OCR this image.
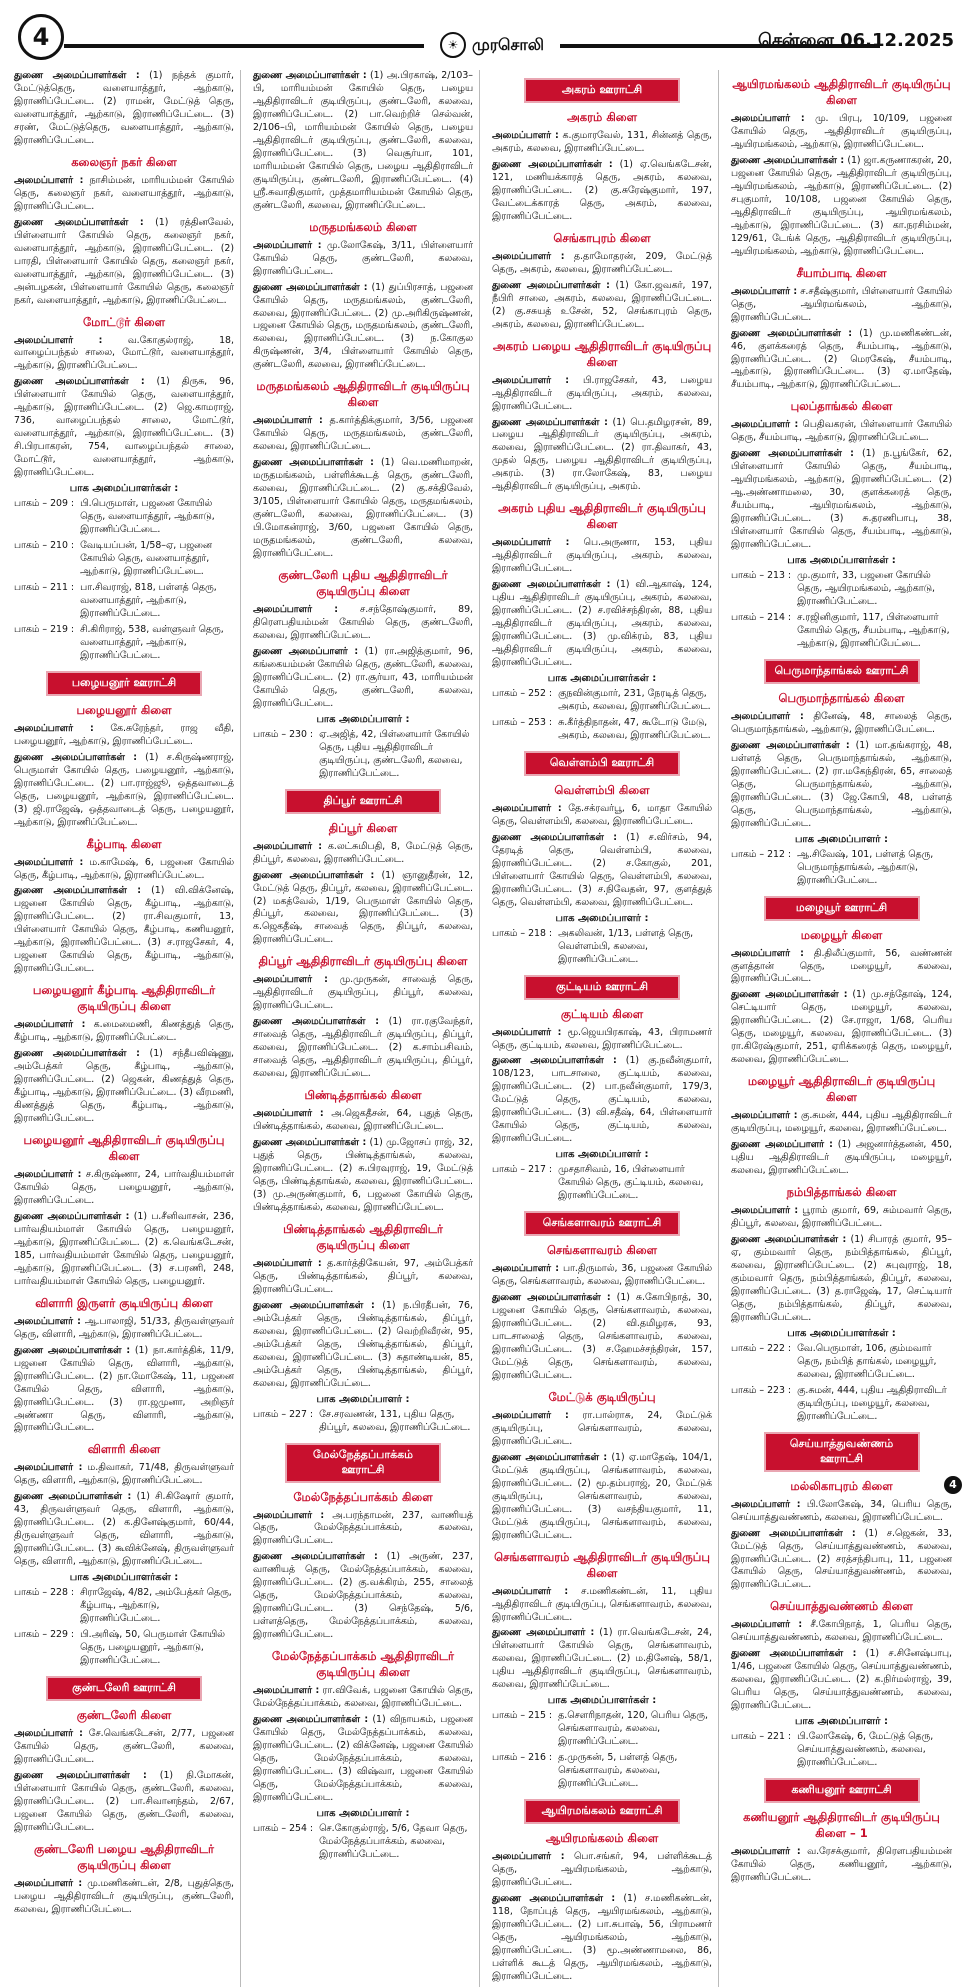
4	☀ முரசொலி	சென்னை 06.12.2025

துணை அமைப்பாளர்கள் : (1) நந்தக் குமார், மேட்டுத்தெரு, வளையாத்தூர், ஆற்காடு, இராணிப்பேட்டை. (2) ராமன், மேட்டுத் தெரு, வளையாத்தூர், ஆற்காடு, இராணிப்பேட்டை. (3) சரண், மேட்டுத்தெரு, வளையாத்தூர், ஆற்காடு, இராணிப்பேட்டை.

கலைஞர் நகர் கிளை

அமைப்பாளர் : நாசிம்மன், மாரியம்மன் கோயில் தெரு, கலைஞர் நகர், வளையாத்தூர், ஆற்காடு, இராணிப்பேட்டை.

துணை அமைப்பாளர்கள் : (1) ரத்தினவேல், பிள்ளையார் கோயில் தெரு, கலைஞர் நகர், வளையாத்தூர், ஆற்காடு, இராணிப்பேட்டை. (2) பாரதி, பிள்ளையார் கோயில் தெரு, கலைஞர் நகர், வளையாத்தூர், ஆற்காடு, இராணிப்பேட்டை. (3) அன்பழகன், பிள்ளையார் கோயில் தெரு, கலைஞர் நகர், வளையாத்தூர், ஆற்காடு, இராணிப்பேட்டை.

மோட்டூர் கிளை

அமைப்பாளர் :	வ.கோகுல்ராஜ், 18, வாழைப்பந்தல் சாலை, மோட்டூர், வளையாத்தூர், ஆற்காடு, இராணிப்பேட்டை.

துணை அமைப்பாளர்கள் : (1) திருசு, 96, பிள்ளையார் கோயில் தெரு, வளையாத்தூர், ஆற்காடு, இராணிப்பேட்டை. (2) ஜெ.காமராஜ், 736, வாழைப்பந்தல் சாலை, மோட்டூர், வளையாத்தூர், ஆற்காடு, இராணிப்பேட்டை. (3) சி.பிரபாகரன், 754, வாழைப்பந்தல் சாலை, மோட்டூர், வளையாத்தூர், ஆற்காடு, இராணிப்பேட்டை.

பாக அமைப்பாளர்கள் :
பாகம் – 209 : பி.பெருமாள், பஜனை கோயில் தெரு, வளையாத்தூர், ஆற்காடு, இராணிப்பேட்டை.
பாகம் – 210 : வேடியப்பன், 1/58–ஏ, பஜனை கோயில் தெரு, வளையாத்தூர், ஆற்காடு, இராணிப்பேட்டை.
பாகம் – 211 : பா.சிவராஜ், 818, பள்ளத் தெரு, வளையாத்தூர், ஆற்காடு, இராணிப்பேட்டை.
பாகம் – 219 : சி.கிரிராஜ், 538, வள்ளுவர் தெரு, வளையாத்தூர், ஆற்காடு, இராணிப்பேட்டை.
பழையனூர் ஊராட்சி
பழையனூர் கிளை

அமைப்பாளர் : கே.சுரேந்தர், ராஜ வீதி, பழையனூர், ஆற்காடு, இராணிப்பேட்டை.

துணை அமைப்பாளர்கள் : (1) ச.கிருஷ்ணராஜ், பெருமாள் கோயில் தெரு, பழையனூர், ஆற்காடு, இராணிப்பேட்டை. (2) பா.ராஜ்ஜூ, ஒத்தவாடைத் தெரு, பழையனூர், ஆற்காடு, இராணிப்பேட்டை. (3) ஜி.ராஜேஷ், ஒத்தவாடைத் தெரு, பழையனூர், ஆற்காடு, இராணிப்பேட்டை.

கீழ்பாடி கிளை

அமைப்பாளர் : ம.காமேஷ், 6, பஜனை கோயில் தெரு, கீழ்பாடி, ஆற்காடு, இராணிப்பேட்டை.

துணை அமைப்பாளர்கள் : (1) வி.விக்னேஷ், பஜனை கோயில் தெரு, கீழ்பாடி, ஆற்காடு, இராணிப்பேட்டை. (2) ரா.சிவகுமார், 13, பிள்ளையார் கோயில் தெரு, கீழ்பாடி, கணியனூர், ஆற்காடு, இராணிப்பேட்டை. (3) ச.ராஜசேகர், 4, பஜனை கோயில் தெரு, கீழ்பாடி, ஆற்காடு, இராணிப்பேட்டை.

பழையனூர் கீழ்பாடி ஆதிதிராவிடர் குடியிருப்பு கிளை

அமைப்பாளர் : க.மைமைணி, கிணத்துத் தெரு, கீழ்பாடி, ஆற்காடு, இராணிப்பேட்டை.

துணை அமைப்பாளர்கள் : (1) சந்தீபவிஷ்ணு, அம்பேத்கர் தெரு, கீழ்பாடி, ஆற்காடு, இராணிப்பேட்டை. (2) ஜெகன், கிணத்துத் தெரு, கீழ்பாடி, ஆற்காடு, இராணிப்பேட்டை. (3) வீரமணி, கிணத்துத் தெரு, கீழ்பாடி, ஆற்காடு, இராணிப்பேட்டை.

பழையனூர் ஆதிதிராவிடர் குடியிருப்பு கிளை

அமைப்பாளர் : ச.கிருஷ்ணா, 24, பார்வதியம்மாள் கோயில் தெரு, பழையனூர், ஆற்காடு, இராணிப்பேட்டை.

துணை அமைப்பாளர்கள் : (1) ப.சீனிவாசன், 236, பார்வதியம்மாள் கோயில் தெரு, பழையனூர், ஆற்காடு, இராணிப்பேட்டை. (2) க.வெங்கடேசன், 185, பார்வதியம்மாள் கோயில் தெரு, பழையனூர், ஆற்காடு, இராணிப்பேட்டை. (3) ச.பரணி, 248, பார்வதியம்மாள் கோயில் தெரு, பழையனூர்.

விளாரி இருளர் குடியிருப்பு கிளை

அமைப்பாளர் : ஆ.பாலாஜி, 51/33, திருவள்ளுவர் தெரு, விளாரி, ஆற்காடு, இராணிப்பேட்டை.

துணை அமைப்பாளர்கள் : (1) நா.கார்த்திக், 11/9, பஜனை கோயில் தெரு, விளாரி, ஆற்காடு, இராணிப்பேட்டை. (2) நா.மோகேஷ், 11, பஜனை கோயில் தெரு, விளாரி, ஆற்காடு, இராணிப்பேட்டை. (3) ரா.ஜமுனா, அறிஞர் அண்ணா தெரு, விளாரி, ஆற்காடு, இராணிப்பேட்டை.

விளாரி கிளை

அமைப்பாளர் : ம.திவாகர், 71/48, திருவள்ளுவர் தெரு, விளாரி, ஆற்காடு, இராணிப்பேட்டை.

துணை அமைப்பாளர்கள் : (1) சி.கிஷோர் குமார், 43, திருவள்ளுவர் தெரு, விளாரி, ஆற்காடு, இராணிப்பேட்டை. (2) க.தினேஷ்குமார், 60/44, திருவள்ளுவர் தெரு, விளாரி, ஆற்காடு, இராணிப்பேட்டை. (3) கூவிக்னேஷ், திருவள்ளுவர் தெரு, விளாரி, ஆற்காடு, இராணிப்பேட்டை.

பாக அமைப்பாளர்கள் :
பாகம் – 228 : சிராஜேஷ், 4/82, அம்பேத்கர் தெரு, கீழ்பாடி, ஆற்காடு, இராணிப்பேட்டை.
பாகம் – 229 : பி.அரிஷ், 50, பெருமாள் கோயில் தெரு, பழையனூர், ஆற்காடு, இராணிப்பேட்டை.
குண்டலேரி ஊராட்சி
குண்டலேரி கிளை

அமைப்பாளர் : சே.வெங்கடேசன், 2/77, பஜனை கோயில் தெரு, குண்டலேரி, கலவை, இராணிப்பேட்டை.

துணை அமைப்பாளர்கள் : (1) நி.மோகன், பிள்ளையார் கோயில் தெரு, குண்டலேரி, கலவை, இராணிப்பேட்டை. (2) பா.சிவானந்தம், 2/67, பஜனை கோயில் தெரு, குண்டலேரி, கலவை, இராணிப்பேட்டை.

குண்டலேரி பழைய ஆதிதிராவிடர் குடியிருப்பு கிளை

அமைப்பாளர் : மு.மணிகண்டன், 2/8, புதுத்தெரு, பழைய ஆதிதிராவிடர் குடியிருப்பு, குண்டலேரி, கலவை, இராணிப்பேட்டை.

துணை அமைப்பாளர்கள் : (1) அ.பிரகாஷ், 2/103–பி, மாரியம்மன் கோயில் தெரு, பழைய ஆதிதிராவிடர் குடியிருப்பு, குண்டலேரி, கலவை, இராணிப்பேட்டை. (2) பா.வெற்றிச் செல்வன், 2/106–பி, மாரியம்மன் கோயில் தெரு, பழைய ஆதிதிராவிடர் குடியிருப்பு, குண்டலேரி, கலவை, இராணிப்பேட்டை. (3) வெசூர்யா, 101, மாரியம்மன் கோயில் தெரு, பழைய ஆதிதிராவிடர் குடியிருப்பு, குண்டலேரி, இராணிப்பேட்டை. (4) ஸ்ரீ.சுவாதிகுமார், முத்தமாரியம்மன் கோயில் தெரு, குண்டலேரி, கலவை, இராணிப்பேட்டை.

மருதமங்கலம் கிளை

அமைப்பாளர் : மு.லோகேஷ், 3/11, பிள்ளையார் கோயில் தெரு, குண்டலேரி, கலவை, இராணிப்பேட்டை.

துணை அமைப்பாளர்கள் : (1) துப்பிரசாத், பஜனை கோயில் தெரு, மருதமங்கலம், குண்டலேரி, கலவை, இராணிப்பேட்டை. (2) மு.அரிகிருஷ்ணன், பஜனை கோயில் தெரு, மருதமங்கலம், குண்டலேரி, கலவை, இராணிப்பேட்டை. (3) ந.கோகுல கிருஷ்ணன், 3/4, பிள்ளையார் கோயில் தெரு, குண்டலேரி, கலவை, இராணிப்பேட்டை.

மருதமங்கலம் ஆதிதிராவிடர் குடியிருப்பு கிளை

அமைப்பாளர் : த.கார்த்திக்குமார், 3/56, பஜனை கோயில் தெரு, மருதமங்கலம், குண்டலேரி, கலவை, இராணிப்பேட்டை.

துணை அமைப்பாளர்கள் : (1) வெ.மணிமாறன், மருதமங்கலம், பள்ளிக்கூடத் தெரு, குண்டலேரி, கலவை, இராணிப்பேட்டை. (2) கு.சக்திவேல், 3/105, பிள்ளையார் கோயில் தெரு, மருதமங்கலம், குண்டலேரி, கலவை, இராணிப்பேட்டை. (3) பி.மோகன்ராஜ், 3/60, பஜனை கோயில் தெரு, மருதமங்கலம், குண்டலேரி, கலவை, இராணிப்பேட்டை.

குண்டலேரி புதிய ஆதிதிராவிடர் குடியிருப்பு கிளை

அமைப்பாளர் : ச.சந்தோஷ்குமார், 89, திரௌபதியம்மன் கோயில் தெரு, குண்டலேரி, கலவை, இராணிப்பேட்டை.

துணை அமைப்பாளர் : (1) ரா.அஜித்குமார், 96, கங்கையம்மன் கோயில் தெரு, குண்டலேரி, கலவை, இராணிப்பேட்டை. (2) ரா.சூர்யா, 43, மாரியம்மன் கோயில் தெரு, குண்டலேரி, கலவை, இராணிப்பேட்டை.

பாக அமைப்பாளர் :
பாகம் – 230 : ஏ.அஜித், 42, பிள்ளையார் கோயில் தெரு, புதிய ஆதிதிராவிடர் குடியிருப்பு, குண்டலேரி, கலவை, இராணிப்பேட்டை.
திப்பூர் ஊராட்சி
திப்பூர் கிளை

அமைப்பாளர் : க.லட்சுமிபதி, 8, மேட்டுத் தெரு, திப்பூர், கலவை, இராணிப்பேட்டை.

துணை அமைப்பாளர்கள் : (1) ஞானுதீரன், 12, மேட்டுத் தெரு, திப்பூர், கலவை, இராணிப்பேட்டை. (2) மகத்வேல், 1/19, பெருமாள் கோயில் தெரு, திப்பூர், கலவை, இராணிப்பேட்டை. (3) க.ஜெகதீஷ், சாவைத் தெரு, திப்பூர், கலவை, இராணிப்பேட்டை.

திப்பூர் ஆதிதிராவிடர் குடியிருப்பு கிளை

அமைப்பாளர் : மு.முருகன், சாவைத் தெரு, ஆதிதிராவிடர் குடியிருப்பு, திப்பூர், கலவை, இராணிப்பேட்டை.

துணை அமைப்பாளர்கள் : (1) ரா.ரகுவேந்தர், சாவைத் தெரு, ஆதிதிராவிடர் குடியிருப்பு, திப்பூர், கலவை, இராணிப்பேட்டை. (2) க.சாம்பசிவம், சாவைத் தெரு, ஆதிதிராவிடர் குடியிருப்பு, திப்பூர், கலவை, இராணிப்பேட்டை.

பிண்டித்தாங்கல் கிளை

அமைப்பாளர் : அ.ஜெகதீசன், 64, புதுத் தெரு, பிண்டித்தாங்கல், கலவை, இராணிப்பேட்டை.

துணை அமைப்பாளர்கள் : (1) மு.ஜோசப் ராஜ், 32, புதுத் தெரு, பிண்டித்தாங்கல், கலவை, இராணிப்பேட்டை. (2) சு.பிரவுராஜ், 19, மேட்டுத் தெரு, பிண்டித்தாங்கல், கலவை, இராணிப்பேட்டை. (3) மு.அருண்குமார், 6, பஜனை கோயில் தெரு, பிண்டித்தாங்கல், கலவை, இராணிப்பேட்டை.

பிண்டித்தாங்கல் ஆதிதிராவிடர் குடியிருப்பு கிளை

அமைப்பாளர் : த.கார்த்திகேயன், 97, அம்பேத்கர் தெரு, பிண்டித்தாங்கல், திப்பூர், கலவை, இராணிப்பேட்டை.

துணை அமைப்பாளர்கள் : (1) ந.பிரதீபன், 76, அம்பேத்கர் தெரு, பிண்டித்தாங்கல், திப்பூர், கலவை, இராணிப்பேட்டை. (2) வெற்றிவீரன், 95, அம்பேத்கர் தெரு, பிண்டித்தாங்கல், திப்பூர், கலவை, இராணிப்பேட்டை. (3) சுதாண்டியன், 85, அம்பேத்கர் தெரு, பிண்டித்தாங்கல், திப்பூர், கலவை, இராணிப்பேட்டை.

பாக அமைப்பாளர் :
பாகம் – 227 : சே.சரவணன், 131, புதிய தெரு, திப்பூர், கலவை, இராணிப்பேட்டை.
மேல்நேத்தப்பாக்கம் ஊராட்சி
மேல்நேத்தப்பாக்கம் கிளை

அமைப்பாளர் : அ.பரந்தாமன், 237, வாணியத் தெரு, மேல்நேத்தப்பாக்கம், கலவை, இராணிப்பேட்டை.

துணை அமைப்பாளர்கள் : (1) அருண், 237, வாணியத் தெரு, மேல்நேத்தப்பாக்கம், கலவை, இராணிப்பேட்டை. (2) கு.வக்கிரம், 255, சாலைத் தெரு, மேல்நேத்தப்பாக்கம், கலவை, இராணிப்பேட்டை. (3) செந்தேஷ், 5/6, பள்ளத்தெரு, மேல்நேத்தப்பாக்கம், கலவை, இராணிப்பேட்டை.

மேல்நேத்தப்பாக்கம் ஆதிதிராவிடர் குடியிருப்பு கிளை

அமைப்பாளர் : ரா.விவேக், பஜனை கோயில் தெரு, மேல்நேத்தப்பாக்கம், கலவை, இராணிப்பேட்டை.

துணை அமைப்பாளர்கள் : (1) விநாயகம், பஜனை கோயில் தெரு, மேல்நேத்தப்பாக்கம், கலவை, இராணிப்பேட்டை. (2) விக்னேஷ், பஜனை கோயில் தெரு, மேல்நேத்தப்பாக்கம், கலவை, இராணிப்பேட்டை. (3) விஷ்வா, பஜனை கோயில் தெரு, மேல்நேத்தப்பாக்கம், கலவை, இராணிப்பேட்டை.

பாக அமைப்பாளர் :
பாகம் – 254 : செ.கோகுல்ராஜ், 5/6, தேவா தெரு, மேல்நேத்தப்பாக்கம், கலவை, இராணிப்பேட்டை.
அகரம் ஊராட்சி
அகரம் கிளை

அமைப்பாளர் : க.குமாரவேல், 131, சின்னத் தெரு, அகரம், கலவை, இராணிப்பேட்டை.

துணை அமைப்பாளர்கள் : (1) ஏ.வெங்கடேசன், 121, மணியக்காரத் தெரு, அகரம், கலவை, இராணிப்பேட்டை. (2) கு.சுரேஷ்குமார், 197, வேட்டைக்காரத் தெரு, அகரம், கலவை, இராணிப்பேட்டை.

செங்காபுரம் கிளை

அமைப்பாளர் : த.தாமோதரன், 209, மேட்டுத் தெரு, அகரம், கலவை, இராணிப்பேட்டை.

துணை அமைப்பாளர்கள் : (1) கோ.ஜவகர், 197, நீபிரி சாலை, அகரம், கலவை, இராணிப்பேட்டை. (2) கு.சசுயத் உசேன், 52, செங்காபுரம் தெரு, அகரம், கலவை, இராணிப்பேட்டை.

அகரம் பழைய ஆதிதிராவிடர் குடியிருப்பு கிளை

அமைப்பாளர் : பி.ராஜசேகர், 43, பழைய ஆதிதிராவிடர் குடியிருப்பு, அகரம், கலவை, இராணிப்பேட்டை.

துணை அமைப்பாளர்கள் : (1) பெ.தமிழரசன், 89, பழைய ஆதிதிராவிடர் குடியிருப்பு, அகரம், கலவை, இராணிப்பேட்டை. (2) ரா.திவாகர், 43, முதல் தெரு, பழைய ஆதிதிராவிடர் குடியிருப்பு, அகரம். (3) ரா.லோகேஷ், 83, பழைய ஆதிதிராவிடர் குடியிருப்பு, அகரம்.

அகரம் புதிய ஆதிதிராவிடர் குடியிருப்பு கிளை

அமைப்பாளர் : பெ.அருணா, 153, புதிய ஆதிதிராவிடர் குடியிருப்பு, அகரம், கலவை, இராணிப்பேட்டை.

துணை அமைப்பாளர்கள் : (1) வி.ஆகாஷ், 124, புதிய ஆதிதிராவிடர் குடியிருப்பு, அகரம், கலவை, இராணிப்பேட்டை. (2) ச.ரவிச்சந்திரன், 88, புதிய ஆதிதிராவிடர் குடியிருப்பு, அகரம், கலவை, இராணிப்பேட்டை. (3) மு.விக்ரம், 83, புதிய ஆதிதிராவிடர் குடியிருப்பு, அகரம், கலவை, இராணிப்பேட்டை.

பாக அமைப்பாளர்கள் :
பாகம் – 252 : குநவின்குமார், 231, நேரடித் தெரு, அகரம், கலவை, இராணிப்பேட்டை.
பாகம் – 253 : சு.கீர்த்திநாதன், 47, கூடோடு மேடு, அகரம், கலவை, இராணிப்பேட்டை.
வெள்ளம்பி ஊராட்சி
வெள்ளம்பி கிளை

அமைப்பாளர் : தே.சக்ரவர்பூ, 6, மாதா கோயில் தெரு, வெள்ளம்பி, கலவை, இராணிப்பேட்டை.

துணை அமைப்பாளர்கள் : (1) ச.விர்சம், 94, தேரடித் தெரு, வெள்ளம்பி, கலவை, இராணிப்பேட்டை. (2) ச.கோகுல், 201, பிள்ளையார் கோயில் தெரு, வெள்ளம்பி, கலவை, இராணிப்பேட்டை. (3) ச.நிவேதன், 97, குளத்துத் தெரு, வெள்ளம்பி, கலவை, இராணிப்பேட்டை.

பாக அமைப்பாளர் :
பாகம் – 218 : அகலிவன், 1/13, பள்ளத் தெரு, வெள்ளம்பி, கலவை, இராணிப்பேட்டை.
குட்டியம் ஊராட்சி
குட்டியம் கிளை

அமைப்பாளர் : மூ.ஜெயபிரகாஷ், 43, பிராமணர் தெரு, குட்டியம், கலவை, இராணிப்பேட்டை.

துணை அமைப்பாளர்கள் : (1) கு.நவீன்குமார், 108/123, பாடசாலை, குட்டியம், கலவை, இராணிப்பேட்டை. (2) பா.நவீன்குமார், 179/3, மேட்டுத் தெரு, குட்டியம், கலவை, இராணிப்பேட்டை. (3) வி.சதீஷ், 64, பிள்ளையார் கோயில் தெரு, குட்டியம், கலவை, இராணிப்பேட்டை.

பாக அமைப்பாளர் :
பாகம் – 217 : முசதாசிவம், 16, பிள்ளையார் கோயில் தெரு, குட்டியம், கலவை, இராணிப்பேட்டை.
செங்களாவரம் ஊராட்சி
செங்களாவரம் கிளை

அமைப்பாளர் : பா.திருமால், 36, பஜனை கோயில் தெரு, செங்களாவரம், கலவை, இராணிப்பேட்டை.

துணை அமைப்பாளர்கள் : (1) சு.கோபிநாத், 30, பஜனை கோயில் தெரு, செங்களாவரம், கலவை, இராணிப்பேட்டை. (2) வி.தமிழரசு, 93, பாடசாலைத் தெரு, செங்களாவரம், கலவை, இராணிப்பேட்டை. (3) ச.ஹேமச்சந்திரன், 157, மேட்டுத் தெரு, செங்களாவரம், கலவை, இராணிப்பேட்டை.

மேட்டுக் குடியிருப்பு

அமைப்பாளர் : ரா.பால்ராசு, 24, மேட்டுக் குடியிருப்பு, செங்களாவரம், கலவை, இராணிப்பேட்டை.

துணை அமைப்பாளர்கள் : (1) ஏ.மாதேஷ், 104/1, மேட்டுக் குடியிருப்பு, செங்களாவரம், கலவை, இராணிப்பேட்டை. (2) மூ.தம்பராஜ், 20, மேட்டுக் குடியிருப்பு, செங்களாவரம், கலவை, இராணிப்பேட்டை. (3) வசந்தியகுமார், 11, மேட்டுக் குடியிருப்பு, செங்களாவரம், கலவை, இராணிப்பேட்டை.

செங்களாவரம் ஆதிதிராவிடர் குடியிருப்பு கிளை

அமைப்பாளர் : ச.மணிகண்டன், 11, புதிய ஆதிதிராவிடர் குடியிருப்பு, செங்களாவரம், கலவை, இராணிப்பேட்டை.

துணை அமைப்பாளர் : (1) ரா.வெங்கடேசன், 24, பிள்ளையார் கோயில் தெரு, செங்களாவரம், கலவை, இராணிப்பேட்டை. (2) ம.தினேஷ், 58/1, புதிய ஆதிதிராவிடர் குடியிருப்பு, செங்களாவரம், கலவை, இராணிப்பேட்டை.

பாக அமைப்பாளர்கள் :
பாகம் – 215 : த.சௌரிநாதன், 120, பெரிய தெரு, செங்களாவரம், கலவை, இராணிப்பேட்டை.
பாகம் – 216 : த.முருகன், 5, பள்ளத் தெரு, செங்களாவரம், கலவை, இராணிப்பேட்டை.
ஆயிரமங்கலம் ஊராட்சி
ஆயிரமங்கலம் கிளை

அமைப்பாளர் : பொ.சங்கர், 94, பள்ளிக்கூடத் தெரு, ஆயிரமங்கலம், ஆற்காடு, இராணிப்பேட்டை.

துணை அமைப்பாளர்கள் : (1) ச.மணிகண்டன், 118, நோப்புத் தெரு, ஆயிரமங்கலம், ஆற்காடு, இராணிப்பேட்டை. (2) பா.சுபாஷ், 56, பிராமணர் தெரு, ஆயிரமங்கலம், ஆற்காடு, இராணிப்பேட்டை. (3) மூ.அண்ணாமலை, 86, பள்ளிக் கூடத் தெரு, ஆயிரமங்கலம், ஆற்காடு, இராணிப்பேட்டை.

ஆயிரமங்கலம் ஆதிதிராவிடர் குடியிருப்பு கிளை

அமைப்பாளர் : மு. பிரபு, 10/109, பஜனை கோயில் தெரு, ஆதிதிராவிடர் குடியிருப்பு, ஆயிரமங்கலம், ஆற்காடு, இராணிப்பேட்டை.

துணை அமைப்பாளர்கள் : (1) ஜா.கருணாகரன், 20, பஜனை கோயில் தெரு, ஆதிதிராவிடர் குடியிருப்பு, ஆயிரமங்கலம், ஆற்காடு, இராணிப்பேட்டை. (2) சபுகுமார், 10/108, பஜனை கோயில் தெரு, ஆதிதிராவிடர் குடியிருப்பு, ஆயிரமங்கலம், ஆற்காடு, இராணிப்பேட்டை. (3) கா.நரசிம்மன், 129/61, டேங்க் தெரு, ஆதிதிராவிடர் குடியிருப்பு, ஆயிரமங்கலம், ஆற்காடு, இராணிப்பேட்டை.

சீயாம்பாடி கிளை

அமைப்பாளர் : ச.சதீஷ்குமார், பிள்ளையார் கோயில் தெரு, ஆயிரமங்கலம், ஆற்காடு, இராணிப்பேட்டை.

துணை அமைப்பாளர்கள் : (1) மு.மணிகண்டன், 46, குளக்கரைத் தெரு, சீயம்பாடி, ஆற்காடு, இராணிப்பேட்டை. (2) மெரகேஷ், சீயம்பாடி, ஆற்காடு, இராணிப்பேட்டை. (3) ஏ.மாதேஷ், சீயம்பாடி, ஆற்காடு, இராணிப்பேட்டை.

புலப்தாங்கல் கிளை

அமைப்பாளர் : பெதிவகரன், பிள்ளையார் கோயில் தெரு, சீயம்பாடி, ஆற்காடு, இராணிப்பேட்டை.

துணை அமைப்பாளர்கள் : (1) ந.பூங்கேர், 62, பிள்ளையார் கோயில் தெரு, சீயம்பாடி, ஆயிரமங்கலம், ஆற்காடு, இராணிப்பேட்டை. (2) ஆ.அண்ணாமலை, 30, குளக்கரைத் தெரு, சீயம்பாடி, ஆயிரமங்கலம், ஆற்காடு, இராணிப்பேட்டை. (3) சு.தரணிபாபு, 38, பிள்ளையார் கோயில் தெரு, சீயம்பாடி, ஆற்காடு, இராணிப்பேட்டை.

பாக அமைப்பாளர்கள் :
பாகம் – 213 : மு.குமார், 33, பஜனை கோயில் தெரு, ஆயிரமங்கலம், ஆற்காடு, இராணிப்பேட்டை.
பாகம் – 214 : ச.ரஜினிகுமார், 117, பிள்ளையார் கோயில் தெரு, சீயம்பாடி, ஆற்காடு, ஆற்காடு, இராணிப்பேட்டை.
பெருமாந்தாங்கல் ஊராட்சி
பெருமாந்தாங்கல் கிளை

அமைப்பாளர் : தினேஷ், 48, சாலைத் தெரு, பெருமாந்தாங்கல், ஆற்காடு, இராணிப்பேட்டை.

துணை அமைப்பாளர்கள் : (1) மா.தங்கராஜ், 48, பள்ளத் தெரு, பெருமாந்தாங்கல், ஆற்காடு, இராணிப்பேட்டை. (2) ரா.மகேந்திரன், 65, சாலைத் தெரு, பெருமாந்தாங்கல், ஆற்காடு, இராணிப்பேட்டை. (3) ஜே.கோபி, 48, பள்ளத் தெரு, பெருமாந்தாங்கல், ஆற்காடு, இராணிப்பேட்டை.

பாக அமைப்பாளர் :
பாகம் – 212 : ஆ.சிவேஷ், 101, பள்ளத் தெரு, பெருமாந்தாங்கல், ஆற்காடு, இராணிப்பேட்டை.
மழையூர் ஊராட்சி
மழையூர் கிளை

அமைப்பாளர் : தி.திலீப்குமார், 56, வண்ணன் குளத்தான் தெரு, மழையூர், கலவை, இராணிப்பேட்டை.

துணை அமைப்பாளர்கள் : (1) மு.சந்தோஷ், 124, செட்டியார் தெரு, மழையூர், கலவை, இராணிப்பேட்டை. (2) சே.ராஜா, 1/68, பெரிய தெரு, மழையூர், கலவை, இராணிப்பேட்டை. (3) ரா.கிரேஷ்குமார், 251, ஏரிக்கரைத் தெரு, மழையூர், கலவை, இராணிப்பேட்டை.

மழையூர் ஆதிதிராவிடர் குடியிருப்பு கிளை

அமைப்பாளர் : கு.சுமன், 444, புதிய ஆதிதிராவிடர் குடியிருப்பு, மழையூர், கலவை, இராணிப்பேட்டை.

துணை அமைப்பாளர் : (1) அஜனார்த்தனன், 450, புதிய ஆதிதிராவிடர் குடியிருப்பு, மழையூர், கலவை, இராணிப்பேட்டை.

நம்பித்தாங்கல் கிளை

அமைப்பாளர் : பூராம் குமார், 69, சும்மவார் தெரு, திப்பூர், கலவை, இராணிப்பேட்டை.

துணை அமைப்பாளர்கள் : (1) சிபாரத் குமார், 95–ஏ, கும்மவார் தெரு, நம்பித்தாங்கல், திப்பூர், கலவை, இராணிப்பேட்டை. (2) சுபுவுராஜ், 18, கும்மவார் தெரு, நம்பித்தாங்கல், திப்பூர், கலவை, இராணிப்பேட்டை. (3) த.ராஜேஷ், 17, செட்டியார் தெரு, நம்பித்தாங்கல், திப்பூர், கலவை, இராணிப்பேட்டை.

பாக அமைப்பாளர்கள் :
பாகம் – 222 : வே.பெருமாள், 106, கும்மவார் தெரு, நம்பித் தாங்கல், மழையூர், கலவை, இராணிப்பேட்டை.
பாகம் – 223 : கு.சுமன், 444, புதிய ஆதிதிராவிடர் குடியிருப்பு, மழையூர், கலவை, இராணிப்பேட்டை.
செய்யாத்துவண்ணம் ஊராட்சி
மல்லிகாபுரம் கிளை

அமைப்பாளர் : பி.லோகேஷ், 34, பெரிய தெரு, செய்யாத்துவண்ணம், கலவை, இராணிப்பேட்டை.

துணை அமைப்பாளர்கள் : (1) ச.ஜெகன், 33, மேட்டுத் தெரு, செய்யாத்துவண்ணம், கலவை, இராணிப்பேட்டை. (2) சரத்சந்திபாபு, 11, பஜனை கோயில் தெரு, செய்யாத்துவண்ணம், கலவை, இராணிப்பேட்டை.

செய்யாத்துவண்ணம் கிளை

அமைப்பாளர் : சீ.கோபிநாத், 1, பெரிய தெரு, செய்யாத்துவண்ணம், கலவை, இராணிப்பேட்டை.

துணை அமைப்பாளர்கள் : (1) ச.சினேஷ்பாபு, 1/46, பஜனை கோயில் தெரு, செய்யாத்துவண்ணம், கலவை, இராணிப்பேட்டை. (2) க.நிர்மல்ராஜ், 39, பெரிய தெரு, செய்யாத்துவண்ணம், கலவை, இராணிப்பேட்டை.

பாக அமைப்பாளர் :
பாகம் – 221 : பி.லோகேஷ், 6, மேட்டுத் தெரு, செய்யாத்துவண்ணம், கலவை, இராணிப்பேட்டை.
கணியனூர் ஊராட்சி
கணியனூர் ஆதிதிராவிடர் குடியிருப்பு கிளை – 1

அமைப்பாளர் : வ.ரேசக்குமார், திரௌபதியம்மன் கோயில் தெரு, கணியனூர், ஆற்காடு, இராணிப்பேட்டை.

4
